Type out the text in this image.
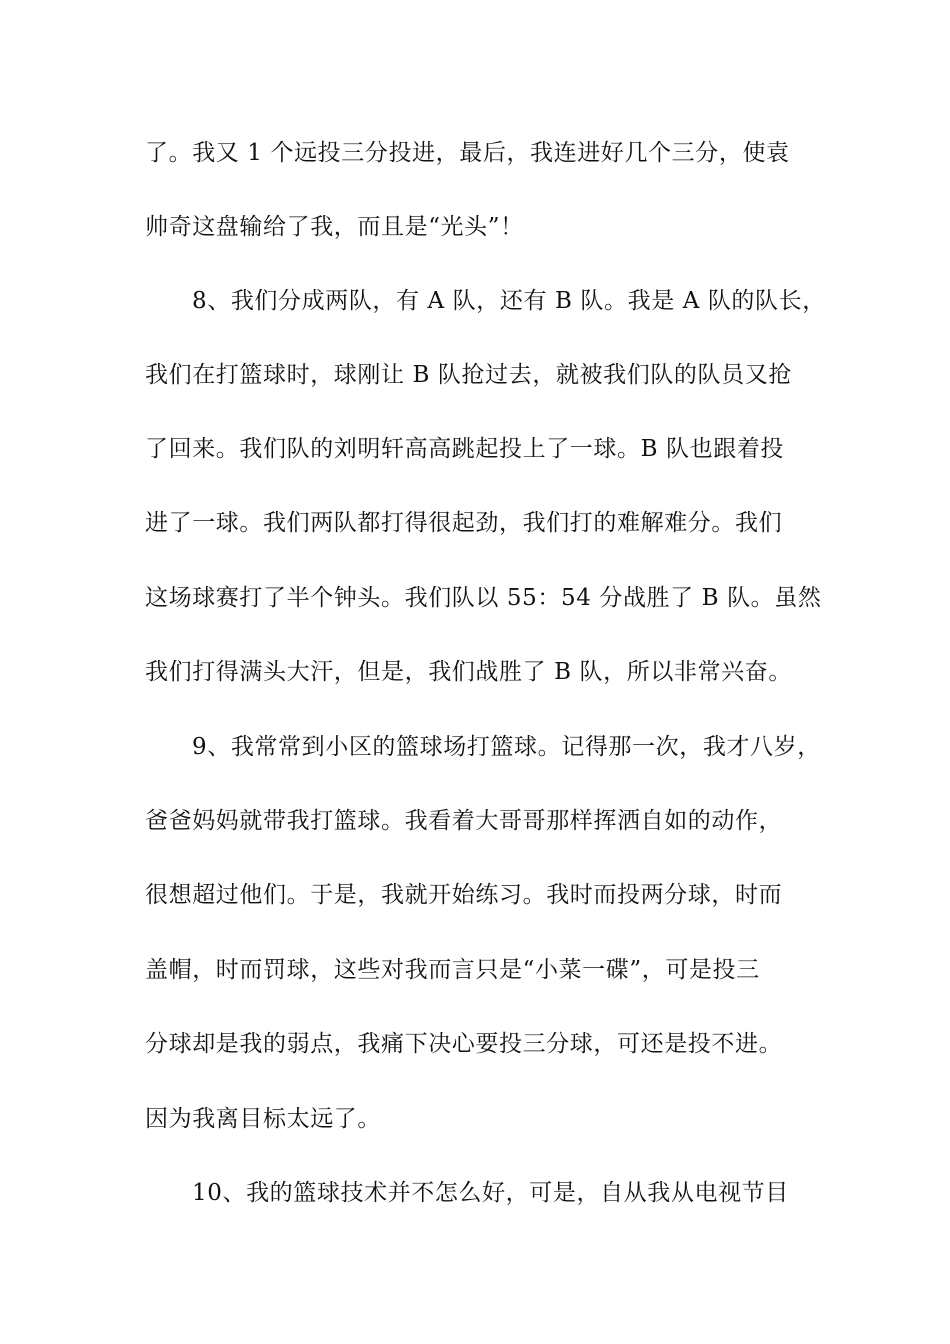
了。我又 1 个远投三分投进，最后，我连进好几个三分，使袁
帅奇这盘输给了我，而且是“光头”！
8、我们分成两队，有 A 队，还有 B 队。我是 A 队的队长，
我们在打篮球时，球刚让 B 队抢过去，就被我们队的队员又抢
了回来。我们队的刘明轩高高跳起投上了一球。B 队也跟着投
进了一球。我们两队都打得很起劲，我们打的难解难分。我们
这场球赛打了半个钟头。我们队以 55：54 分战胜了 B 队。虽然
我们打得满头大汗，但是，我们战胜了 B 队，所以非常兴奋。
9、我常常到小区的篮球场打篮球。记得那一次，我才八岁，
爸爸妈妈就带我打篮球。我看着大哥哥那样挥洒自如的动作，
很想超过他们。于是，我就开始练习。我时而投两分球，时而
盖帽，时而罚球，这些对我而言只是“小菜一碟”，可是投三
分球却是我的弱点，我痛下决心要投三分球，可还是投不进。
因为我离目标太远了。
10、我的篮球技术并不怎么好，可是，自从我从电视节目
